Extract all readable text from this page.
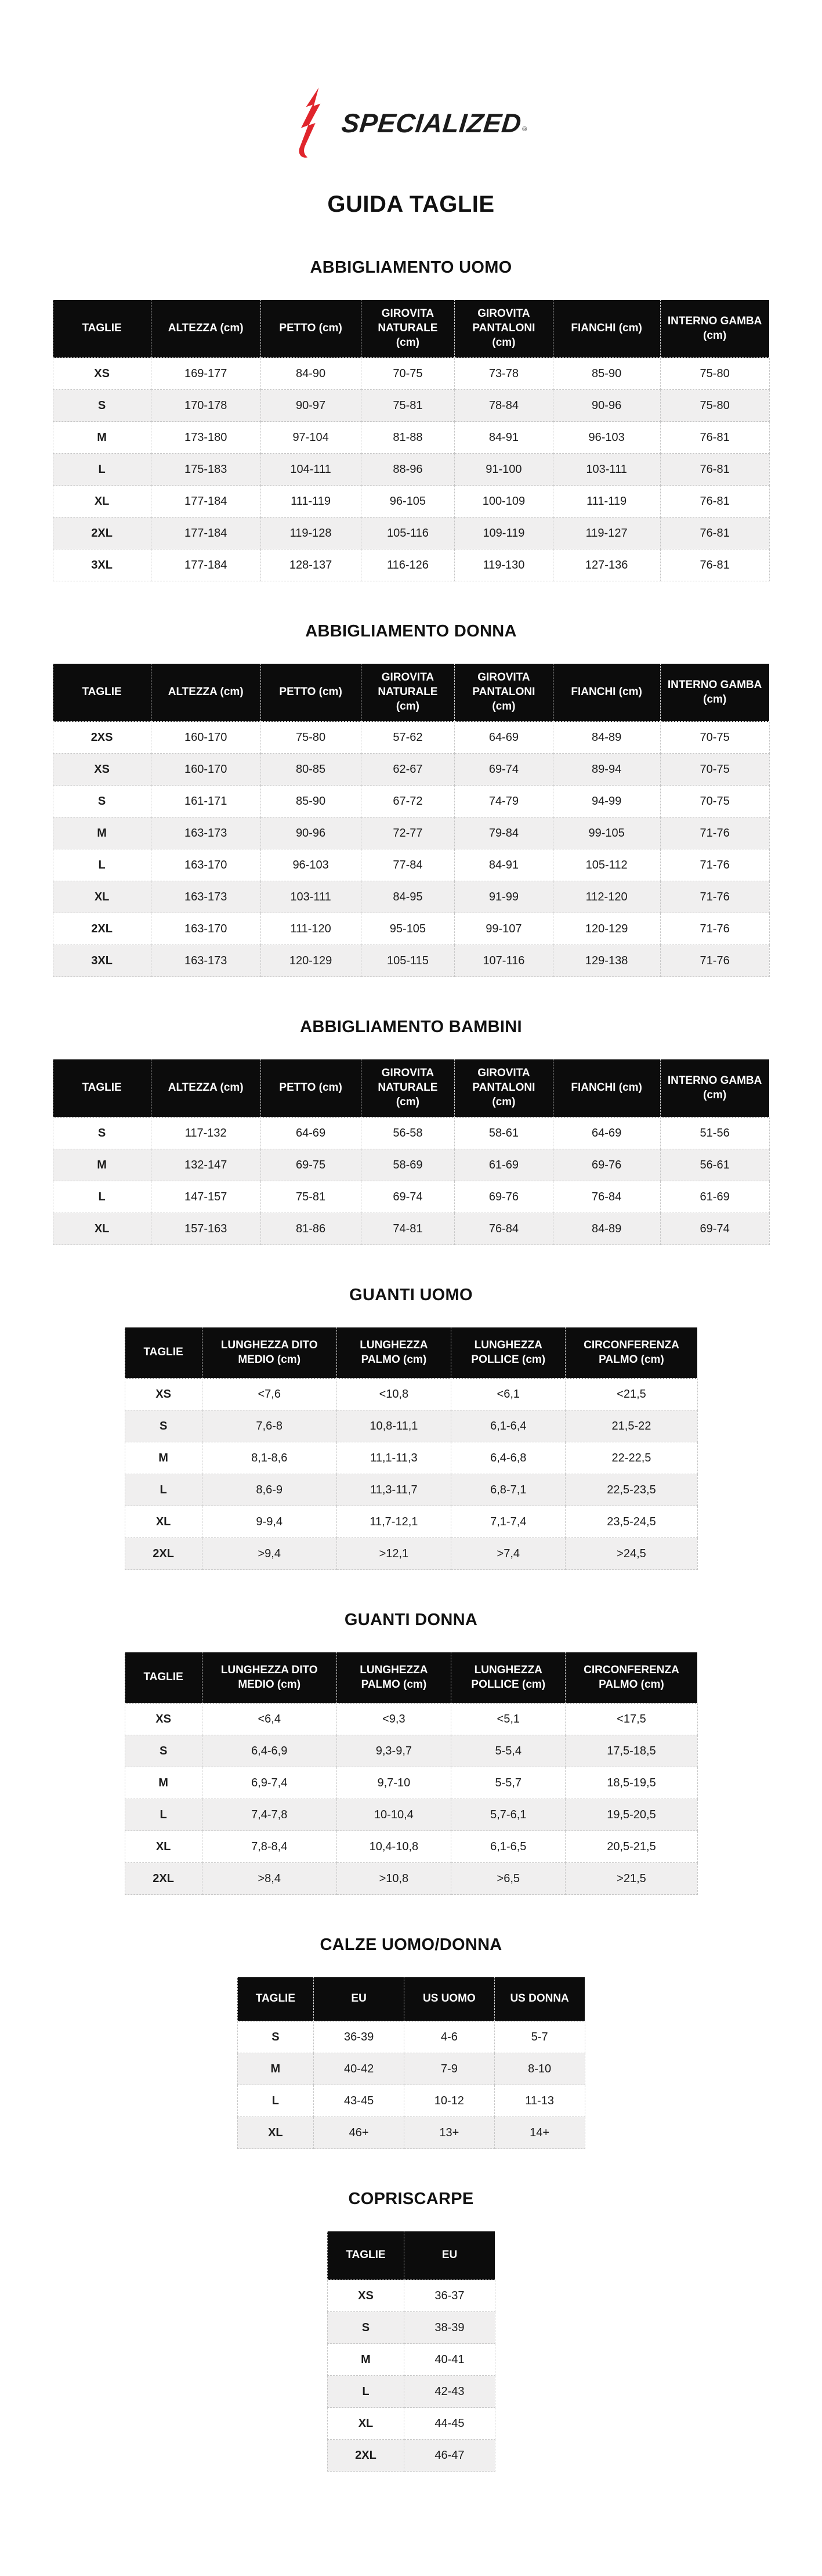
SPECIALIZED ®
GUIDA TAGLIE
ABBIGLIAMENTO UOMO
TAGLIE	ALTEZZA (cm)	PETTO (cm)	GIROVITA NATURALE (cm)	GIROVITA PANTALONI (cm)	FIANCHI (cm)	INTERNO GAMBA (cm)
XS	169-177	84-90	70-75	73-78	85-90	75-80
S	170-178	90-97	75-81	78-84	90-96	75-80
M	173-180	97-104	81-88	84-91	96-103	76-81
L	175-183	104-111	88-96	91-100	103-111	76-81
XL	177-184	111-119	96-105	100-109	111-119	76-81
2XL	177-184	119-128	105-116	109-119	119-127	76-81
3XL	177-184	128-137	116-126	119-130	127-136	76-81
ABBIGLIAMENTO DONNA
TAGLIE	ALTEZZA (cm)	PETTO (cm)	GIROVITA NATURALE (cm)	GIROVITA PANTALONI (cm)	FIANCHI (cm)	INTERNO GAMBA (cm)
2XS	160-170	75-80	57-62	64-69	84-89	70-75
XS	160-170	80-85	62-67	69-74	89-94	70-75
S	161-171	85-90	67-72	74-79	94-99	70-75
M	163-173	90-96	72-77	79-84	99-105	71-76
L	163-170	96-103	77-84	84-91	105-112	71-76
XL	163-173	103-111	84-95	91-99	112-120	71-76
2XL	163-170	111-120	95-105	99-107	120-129	71-76
3XL	163-173	120-129	105-115	107-116	129-138	71-76
ABBIGLIAMENTO BAMBINI
TAGLIE	ALTEZZA (cm)	PETTO (cm)	GIROVITA NATURALE (cm)	GIROVITA PANTALONI (cm)	FIANCHI (cm)	INTERNO GAMBA (cm)
S	117-132	64-69	56-58	58-61	64-69	51-56
M	132-147	69-75	58-69	61-69	69-76	56-61
L	147-157	75-81	69-74	69-76	76-84	61-69
XL	157-163	81-86	74-81	76-84	84-89	69-74
GUANTI UOMO
TAGLIE	LUNGHEZZA DITO MEDIO (cm)	LUNGHEZZA PALMO (cm)	LUNGHEZZA POLLICE (cm)	CIRCONFERENZA PALMO (cm)
XS	<7,6	<10,8	<6,1	<21,5
S	7,6-8	10,8-11,1	6,1-6,4	21,5-22
M	8,1-8,6	11,1-11,3	6,4-6,8	22-22,5
L	8,6-9	11,3-11,7	6,8-7,1	22,5-23,5
XL	9-9,4	11,7-12,1	7,1-7,4	23,5-24,5
2XL	>9,4	>12,1	>7,4	>24,5
GUANTI DONNA
TAGLIE	LUNGHEZZA DITO MEDIO (cm)	LUNGHEZZA PALMO (cm)	LUNGHEZZA POLLICE (cm)	CIRCONFERENZA PALMO (cm)
XS	<6,4	<9,3	<5,1	<17,5
S	6,4-6,9	9,3-9,7	5-5,4	17,5-18,5
M	6,9-7,4	9,7-10	5-5,7	18,5-19,5
L	7,4-7,8	10-10,4	5,7-6,1	19,5-20,5
XL	7,8-8,4	10,4-10,8	6,1-6,5	20,5-21,5
2XL	>8,4	>10,8	>6,5	>21,5
CALZE UOMO/DONNA
TAGLIE	EU	US UOMO	US DONNA
S	36-39	4-6	5-7
M	40-42	7-9	8-10
L	43-45	10-12	11-13
XL	46+	13+	14+
COPRISCARPE
TAGLIE	EU
XS	36-37
S	38-39
M	40-41
L	42-43
XL	44-45
2XL	46-47
